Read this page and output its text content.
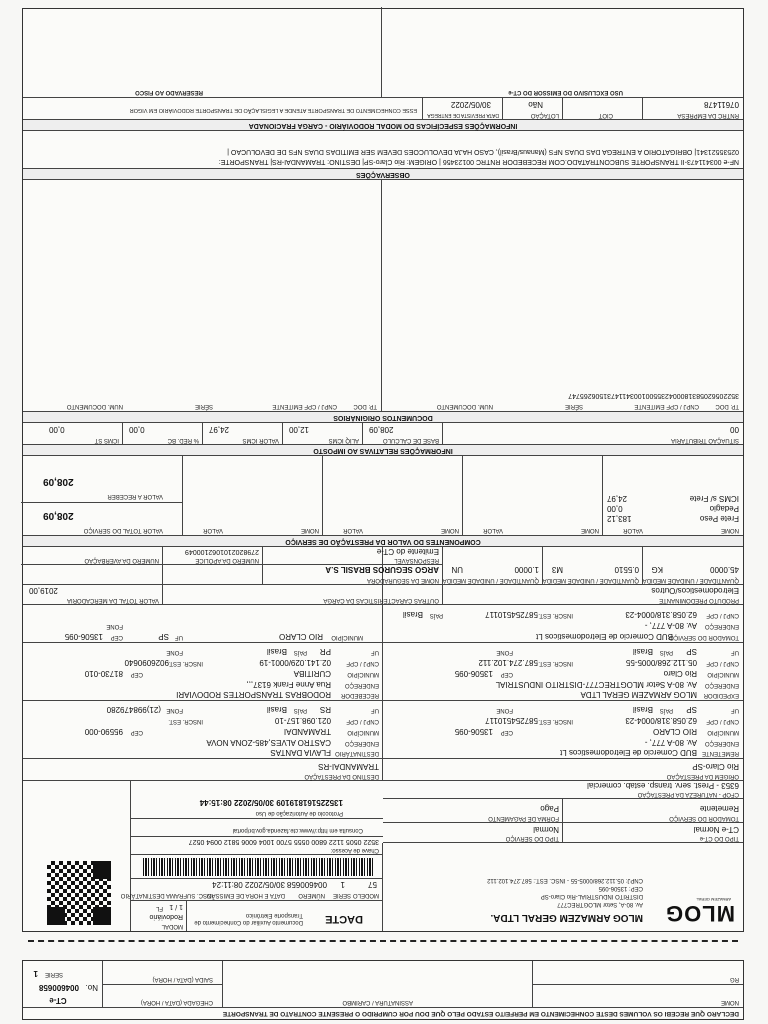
DECLARO QUE RECEBI OS VOLUMES DESTE CONHECIMENTO EM PERFEITO ESTADO PELO QUE DOU POR CUMPRIDO O PRESENTE CONTRATO DE TRANSPORTE
NOME
RG
ASSINATURA / CARIMBO
CHEGADA (DATA / HORA)
SAIDA (DATA / HORA)
CT-e
No.
004600658
SERIE
1
MLOG
ARMAZEM GERAL
MLOG ARMAZEM GERAL LTDA.
Av. 80-A, Setor MLOGTREC777
DISTRITO INDUSTRIAL-Rio Claro-SP
CEP: 13506-095
CNPJ: 05.112.268/0005-55 - INSC. EST.: 587.274.102.112
DACTE
Documento Auxiliar do Conhecimento de Transporte Eletrônico
MODAL
Rodoviário
FL 1 / 1
MODELO
SERIE
NÚMERO
DATA E HORA DE EMISSÃO
INSC. SUFRAMA DESTINATÁRIO
57
1
004600658
30/05/2022 08:11:24
Chave de Acesso:
3522 0505 1122 6800 0555 5700 1004 6006 5812 0094 0527
Consulta em http://www.cte.fazenda.gov.br/portal
Protocolo de Autorização de Uso
135225161819109 30/05/2022 08:15:44
TIPO DO CT-e
CT-e Normal
TIPO DO SERVIÇO
Normal
TOMADOR DO SERVIÇO
Remetente
FORMA DE PAGAMENTO
Pago
CFOP - NATUREZA DA PRESTAÇÃO
6353 - Prest. serv. transp. estab. comercial
ORIGEM DA PRESTAÇÃO
Rio Claro-SP
DESTINO DA PRESTAÇÃO
TRAMANDAI-RS
REMETENTE
BUD Comercio de Eletrodomesticos Lt
ENDEREÇO
Av. 80-A 777, -
MUNICÍPIO
RIO CLARO
CEP
13506-095
CNPJ / CPF
62.058.318/0004-23
INSCR. EST.
587254510117
UF
SP
PAÍS
Brasil
FONE
DESTINATÁRIO
FLAVIA DANTAS
ENDEREÇO
CASTRO ALVES,485-ZONA NOVA
MUNICÍPIO
TRAMANDAI
CEP
95590-000
CNPJ / CPF
021.098.157-10
INSCR. EST.
UF
RS
PAÍS
Brasil
FONE
(21)998479280
EXPEDIDOR
MLOG ARMAZEM GERAL LTDA
ENDEREÇO
Av. 80-A Setor MLOGTREC777-DISTRITO INDUSTRIAL
MUNICÍPIO
Rio Claro
CEP
13506-095
CNPJ / CPF
05.112.268/0005-55
INSCR. EST.
587.274.102.112
UF
SP
PAÍS
Brasil
FONE
RECEBEDOR
RODOBRAS TRANSPORTES RODOVIARI
ENDEREÇO
Rua Anne Frank 6137,,,
MUNICÍPIO
CURITIBA
CEP
81730-010
CNPJ / CPF
02.141.029/0001-19
INSCR. EST.
9026090640
UF
PR
PAÍS
Brasil
FONE
TOMADOR DO SERVIÇO
BUD Comercio de Eletrodomesticos Lt
MUNICÍPIO
RIO CLARO
UF
SP
CEP
13506-095
ENDEREÇO
Av. 80-A 777, -
FONE
CNPJ / CPF
62.058.318/0004-23
INSCR. EST.
587254510117
PAÍS
Brasil
PRODUTO PREDOMINANTE
Eletrodomesticos/Outros
OUTRAS CARACTERÍSTICAS DA CARGA
VALOR TOTAL DA MERCADORIA
2019,00
QUANTIDADE / UNIDADE MEDIDA
45.0000
KG
QUANTIDADE / UNIDADE MEDIDA
0.5510
M3
QUANTIDADE / UNIDADE MEDIDA
1.0000
UN
NOME DA SEGURADORA
ARGO SEGUROS BRASIL S.A
RESPONSÁVEL
Emitente do CT-e
NÚMERO DA APÓLICE
2798202101062100049
NÚMERO DA AVERBAÇÃO
COMPONENTES DO VALOR DA PRESTAÇÃO DE SERVIÇO
NOME
VALOR
NOME
VALOR
NOME
VALOR
NOME
VALOR
Frete Peso
183,12
Pedagio
0,00
ICMS s/ Frete
24,97
VALOR TOTAL DO SERVIÇO
208,09
VALOR A RECEBER
208,09
INFORMAÇÕES RELATIVAS AO IMPOSTO
SITUAÇÃO TRIBUTÁRIA
00
BASE DE CÁLCULO
208,09
ALÍQ ICMS
12,00
VALOR ICMS
24,97
% RED. BC
0,00
ICMS ST
0,00
DOCUMENTOS ORIGINÁRIOS
TP. DOC
CNPJ / CPF EMITENTE
SÉRIE
NUM. DOCUMENTO
TP. DOC
CNPJ / CPF EMITENTE
SÉRIE
NUM. DOCUMENTO
35220562058318000423550010034114731506265747
OBSERVAÇÕES
NF-e 003411473-II TRANSPORTE SUBCONTRATADO.COM RECEBEDOR RNTRC 00123456 | ORIGEM: Rio Claro-SP| DESTINO: TRAMANDAI-RS| TRANSPORTE:
02535521341| OBRIGATORIO A ENTREGA DAS DUAS NFS (Manaus/Brasil), CASO HAJA DEVOLUCOES DEVEM SER EMITIDAS DUAS NFS DE DEVOLUCAO |
INFORMAÇÕES ESPECÍFICAS DO MODAL RODOVIÁRIO - CARGA FRACIONADA
RNTRC DA EMPRESA
07611478
CIOT
LOTAÇÃO
Não
DATA PREVISTA DE ENTREGA
30/05/2022
ESSE CONHECIMENTO DE TRANSPORTE ATENDE A LEGISLAÇÃO DE TRANSPORTE RODOVIÁRIO EM VIGOR
USO EXCLUSIVO DO EMISSOR DO CT-e
RESERVADO AO FISCO
